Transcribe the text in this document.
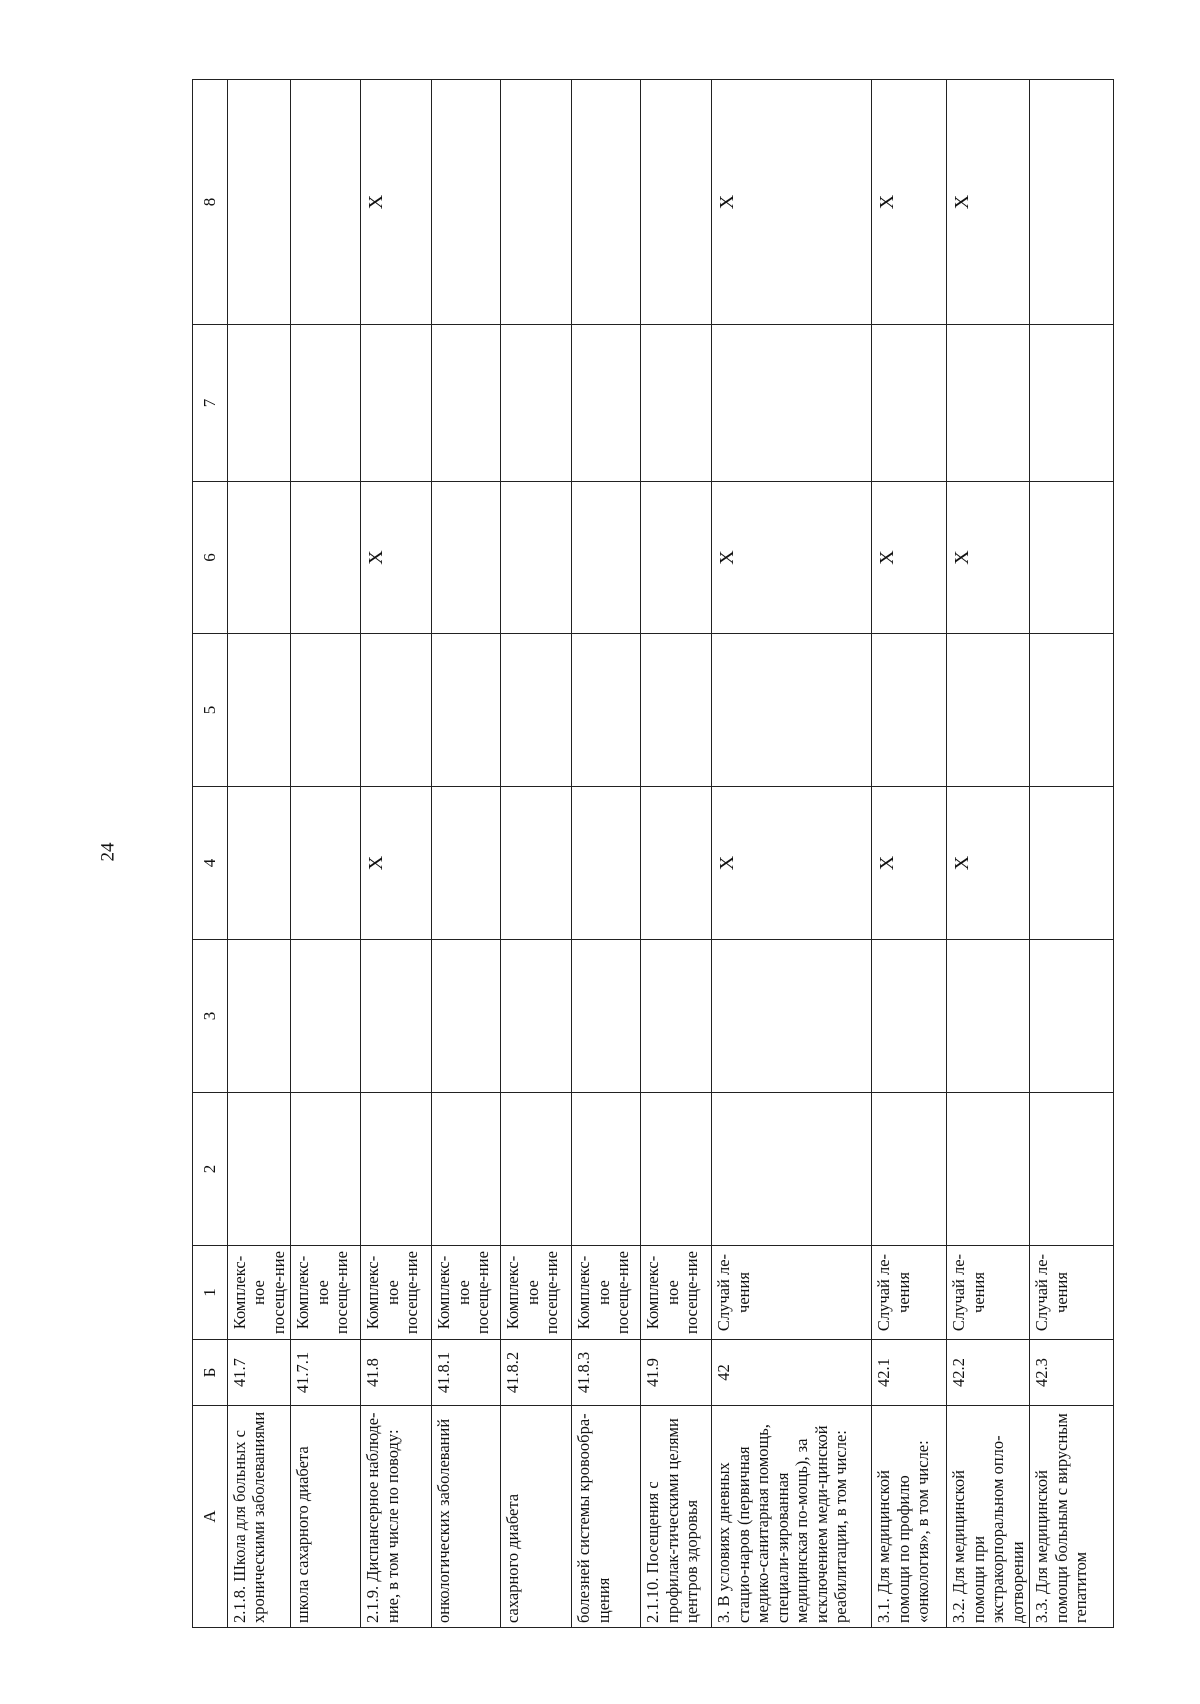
24
А	Б	1	2	3	4	5	6	7	8
2.1.8. Школа для больных с хроническими заболеваниями	41.7	Комплекс-ное посеще-ние							
школа сахарного диабета	41.7.1	Комплекс-ное посеще-ние							
2.1.9. Диспансерное наблюде-ние, в том числе по поводу:	41.8	Комплекс-ное посеще-ние			X		X		X
онкологических заболеваний	41.8.1	Комплекс-ное посеще-ние							
сахарного диабета	41.8.2	Комплекс-ное посеще-ние							
болезней системы кровообра-щения	41.8.3	Комплекс-ное посеще-ние							
2.1.10. Посещения с профилак-тическими целями центров здоровья	41.9	Комплекс-ное посеще-ние							
3. В условиях дневных стацио-наров (первичная медико-санитарная помощь, специали-зированная медицинская по-мощь), за исключением меди-цинской реабилитации, в том числе:	42	Случай ле-чения			X		X		X
3.1. Для медицинской помощи по профилю «онкология», в том числе:	42.1	Случай ле-чения			X		X		X
3.2. Для медицинской помощи при экстракорпоральном опло-дотворении	42.2	Случай ле-чения			X		X		X
3.3. Для медицинской помощи больным с вирусным гепатитом	42.3	Случай ле-чения							
